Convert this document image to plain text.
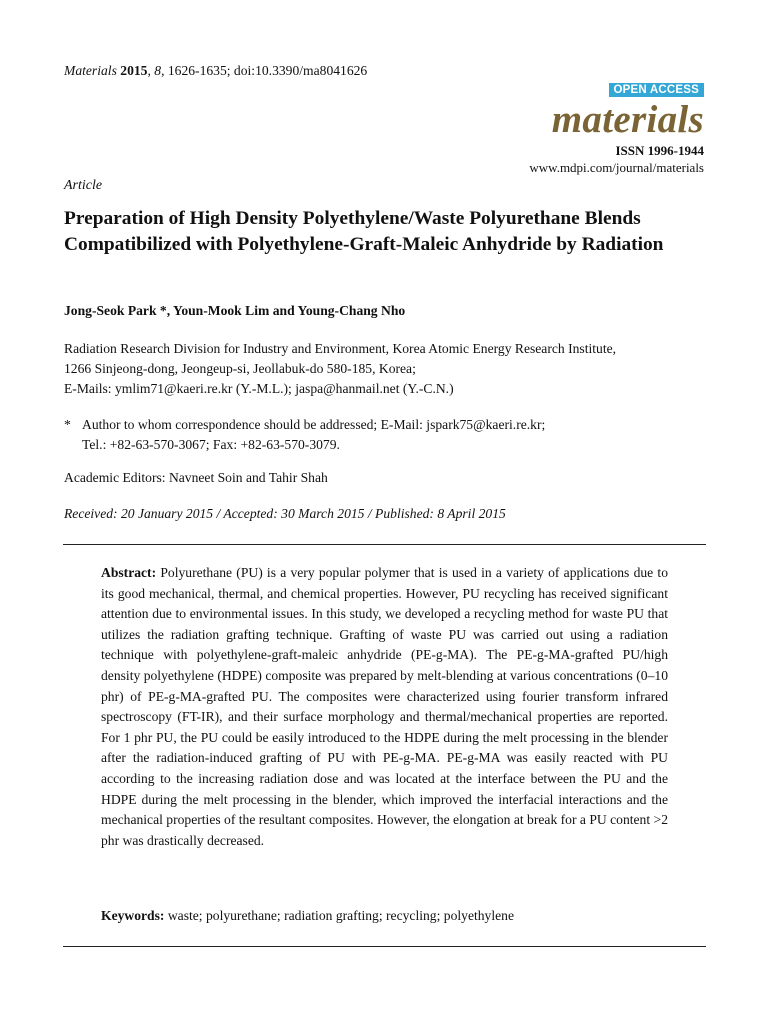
Materials 2015, 8, 1626-1635; doi:10.3390/ma8041626
OPEN ACCESS
materials
ISSN 1996-1944
www.mdpi.com/journal/materials
Article
Preparation of High Density Polyethylene/Waste Polyurethane Blends Compatibilized with Polyethylene-Graft-Maleic Anhydride by Radiation
Jong-Seok Park *, Youn-Mook Lim and Young-Chang Nho
Radiation Research Division for Industry and Environment, Korea Atomic Energy Research Institute,
1266 Sinjeong-dong, Jeongeup-si, Jeollabuk-do 580-185, Korea;
E-Mails: ymlim71@kaeri.re.kr (Y.-M.L.); jaspa@hanmail.net (Y.-C.N.)
* Author to whom correspondence should be addressed; E-Mail: jspark75@kaeri.re.kr;
Tel.: +82-63-570-3067; Fax: +82-63-570-3079.
Academic Editors: Navneet Soin and Tahir Shah
Received: 20 January 2015 / Accepted: 30 March 2015 / Published: 8 April 2015

Abstract: Polyurethane (PU) is a very popular polymer that is used in a variety of applications due to its good mechanical, thermal, and chemical properties. However, PU recycling has received significant attention due to environmental issues. In this study, we developed a recycling method for waste PU that utilizes the radiation grafting technique. Grafting of waste PU was carried out using a radiation technique with polyethylene-graft-maleic anhydride (PE-g-MA). The PE-g-MA-grafted PU/high density polyethylene (HDPE) composite was prepared by melt-blending at various concentrations (0–10 phr) of PE-g-MA-grafted PU. The composites were characterized using fourier transform infrared spectroscopy (FT-IR), and their surface morphology and thermal/mechanical properties are reported. For 1 phr PU, the PU could be easily introduced to the HDPE during the melt processing in the blender after the radiation-induced grafting of PU with PE-g-MA. PE-g-MA was easily reacted with PU according to the increasing radiation dose and was located at the interface between the PU and the HDPE during the melt processing in the blender, which improved the interfacial interactions and the mechanical properties of the resultant composites. However, the elongation at break for a PU content >2 phr was drastically decreased.

Keywords: waste; polyurethane; radiation grafting; recycling; polyethylene
